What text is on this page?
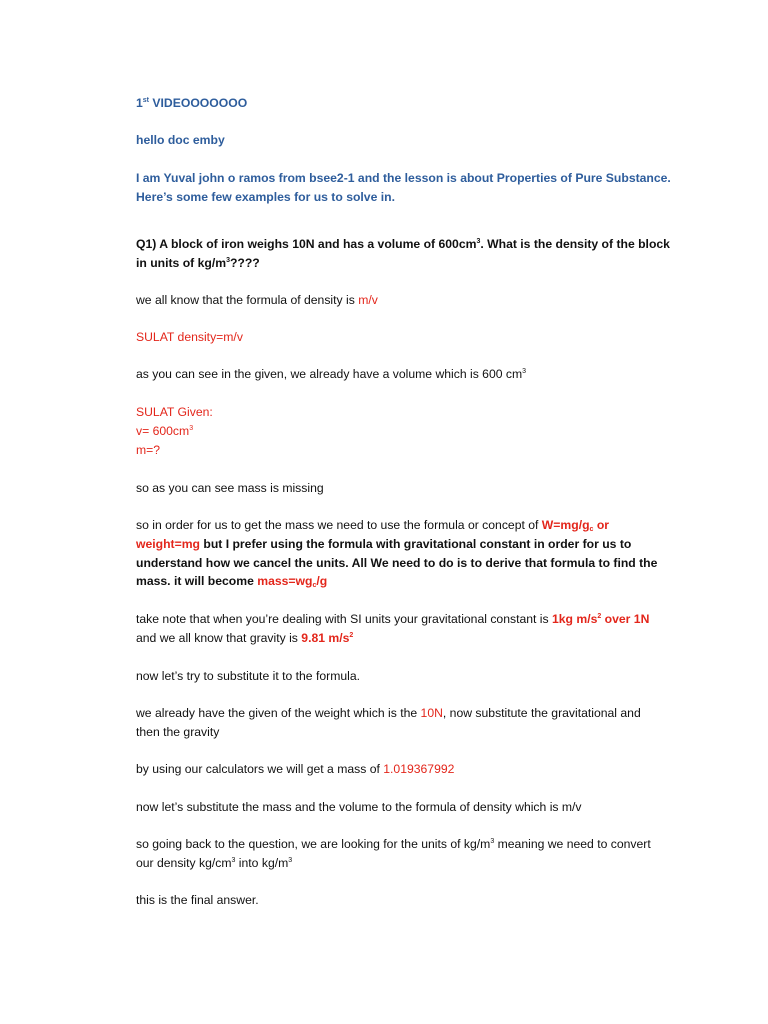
1st VIDEOOOOOOO
hello doc emby
I am Yuval john o ramos from bsee2-1 and the lesson is about Properties of Pure Substance.
Here’s some few examples for us to solve in.
Q1) A block of iron weighs 10N and has a volume of $600cm^3$. What is the density of the block
in units of $kg/m^3$????
we all know that the formula of density is m/v
SULAT density=m/v
as you can see in the given, we already have a volume which is 600 $cm^3$
SULAT Given:
$v= 600cm^3$
m=?
so as you can see mass is missing
so in order for us to get the mass we need to use the formula or concept of $W=mg/g_c$ or
weight=mg but I prefer using the formula with gravitational constant in order for us to
understand how we cancel the units. All We need to do is to derive that formula to find the
mass. it will become $mass=wg_c/g$
take note that when you’re dealing with SI units your gravitational constant is 1kg $m/s^2$ over 1N
and we all know that gravity is 9.81 $m/s^2$
now let’s try to substitute it to the formula.
we already have the given of the weight which is the 10N, now substitute the gravitational and
then the gravity
by using our calculators we will get a mass of 1.019367992
now let’s substitute the mass and the volume to the formula of density which is m/v
so going back to the question, we are looking for the units of $kg/m^3$ meaning we need to convert
our density $kg/cm^3$ into $kg/m^3$
this is the final answer.
